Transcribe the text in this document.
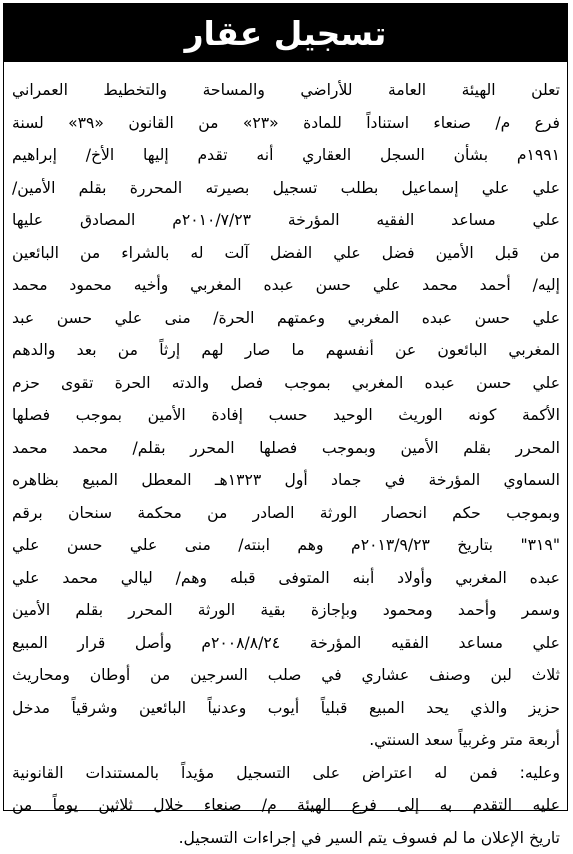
تسجيل عقار
تعلن الهيئة العامة للأراضي والمساحة والتخطيط العمراني
فرع م/ صنعاء استناداً للمادة «٢٣» من القانون «٣٩» لسنة
١٩٩١م بشأن السجل العقاري أنه تقدم إليها الأخ/ إبراهيم
علي علي إسماعيل بطلب تسجيل بصيرته المحررة بقلم الأمين/
علي مساعد الفقيه المؤرخة ٢٠١٠/٧/٢٣م المصادق عليها
من قبل الأمين فضل علي الفضل آلت له بالشراء من البائعين
إليه/ أحمد محمد علي حسن عبده المغربي وأخيه محمود محمد
علي حسن عبده المغربي وعمتهم الحرة/ منى علي حسن عبد
المغربي البائعون عن أنفسهم ما صار لهم إرثاً من بعد والدهم
علي حسن عبده المغربي بموجب فصل والدته الحرة تقوى حزم
الأكمة كونه الوريث الوحيد حسب إفادة الأمين بموجب فصلها
المحرر بقلم الأمين وبموجب فصلها المحرر بقلم/ محمد محمد
السماوي المؤرخة في جماد أول ١٣٢٣هـ المعطل المبيع بظاهره
وبموجب حكم انحصار الورثة الصادر من محكمة سنحان برقم
"٣١٩" بتاريخ ٢٠١٣/٩/٢٣م وهم ابنته/ منى علي حسن علي
عبده المغربي وأولاد أبنه المتوفى قبله وهم/ ليالي محمد علي
وسمر وأحمد ومحمود وبإجازة بقية الورثة المحرر بقلم الأمين
علي مساعد الفقيه المؤرخة ٢٠٠٨/٨/٢٤م وأصل قرار المبيع
ثلاث لبن وصنف عشاري في صلب السرجين من أوطان ومحاريث
حزيز والذي يحد المبيع قبلياً أيوب وعدنياً البائعين وشرقياً مدخل
أربعة متر وغربياً سعد السنتي.
وعليه: فمن له اعتراض على التسجيل مؤيداً بالمستندات القانونية
عليه التقدم به إلى فرع الهيئة م/ صنعاء خلال ثلاثين يوماً من
تاريخ الإعلان ما لم فسوف يتم السير في إجراءات التسجيل.
